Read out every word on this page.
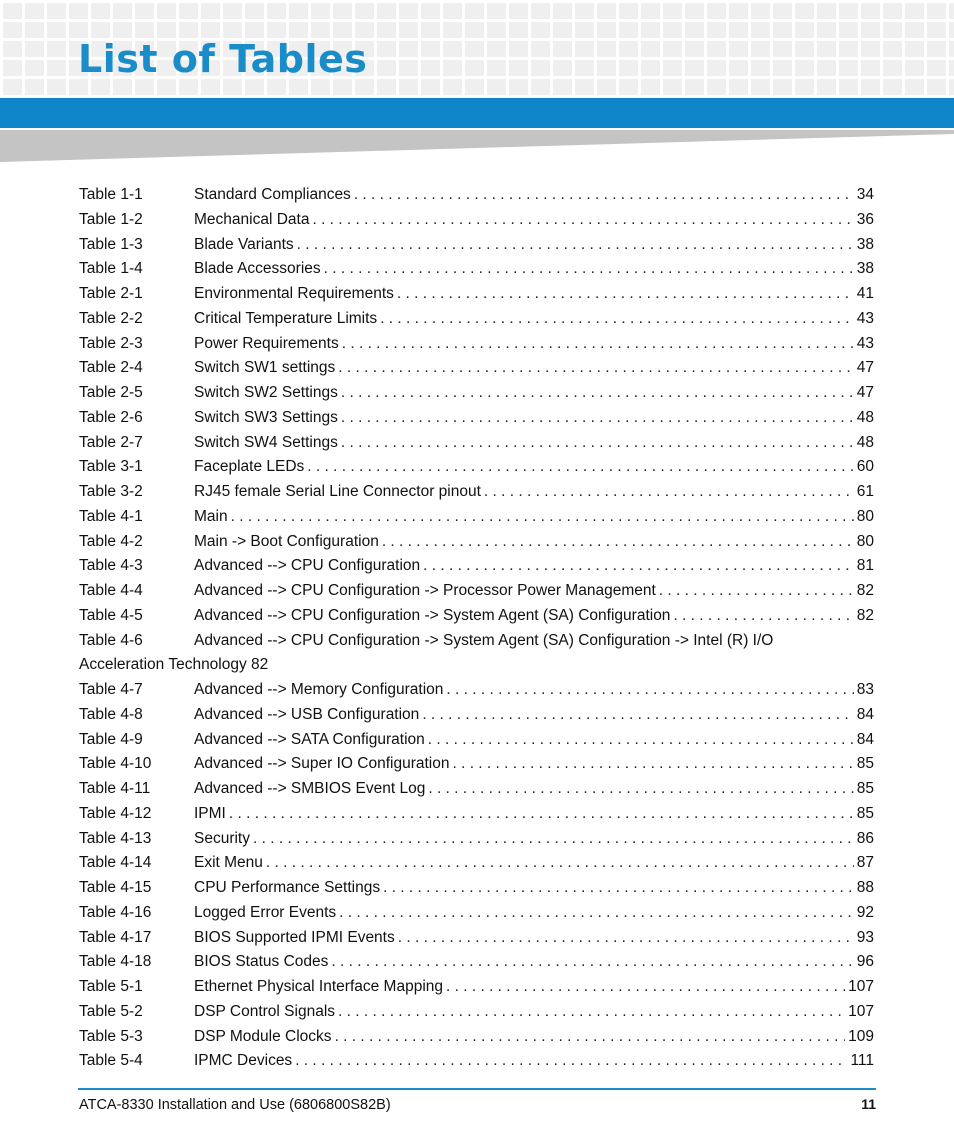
List of Tables
Table 1-1	Standard Compliances . . .	34
Table 1-2	Mechanical Data . . .	36
Table 1-3	Blade Variants . . .	38
Table 1-4	Blade Accessories . . .	38
Table 2-1	Environmental Requirements . . .	41
Table 2-2	Critical Temperature Limits . . .	43
Table 2-3	Power Requirements . . .	43
Table 2-4	Switch SW1 settings . . .	47
Table 2-5	Switch SW2 Settings . . .	47
Table 2-6	Switch SW3 Settings . . .	48
Table 2-7	Switch SW4 Settings . . .	48
Table 3-1	Faceplate LEDs . . .	60
Table 3-2	RJ45 female Serial Line Connector pinout . . .	61
Table 4-1	Main . . .	80
Table 4-2	Main -> Boot Configuration . . .	80
Table 4-3	Advanced --> CPU Configuration . . .	81
Table 4-4	Advanced --> CPU Configuration -> Processor Power Management . . .	82
Table 4-5	Advanced --> CPU Configuration -> System Agent (SA) Configuration . . .	82
Table 4-6	Advanced --> CPU Configuration -> System Agent (SA) Configuration -> Intel (R) I/O
Acceleration Technology 82
Table 4-7	Advanced --> Memory Configuration . . .	83
Table 4-8	Advanced --> USB Configuration . . .	84
Table 4-9	Advanced --> SATA Configuration . . .	84
Table 4-10	Advanced --> Super IO Configuration . . .	85
Table 4-11	Advanced --> SMBIOS Event Log . . .	85
Table 4-12	IPMI . . .	85
Table 4-13	Security . . .	86
Table 4-14	Exit Menu . . .	87
Table 4-15	CPU Performance Settings . . .	88
Table 4-16	Logged Error Events . . .	92
Table 4-17	BIOS Supported IPMI Events . . .	93
Table 4-18	BIOS Status Codes . . .	96
Table 5-1	Ethernet Physical Interface Mapping . . .	107
Table 5-2	DSP Control Signals . . .	107
Table 5-3	DSP Module Clocks . . .	109
Table 5-4	IPMC Devices . . .	111
ATCA-8330 Installation and Use (6806800S82B)	11
